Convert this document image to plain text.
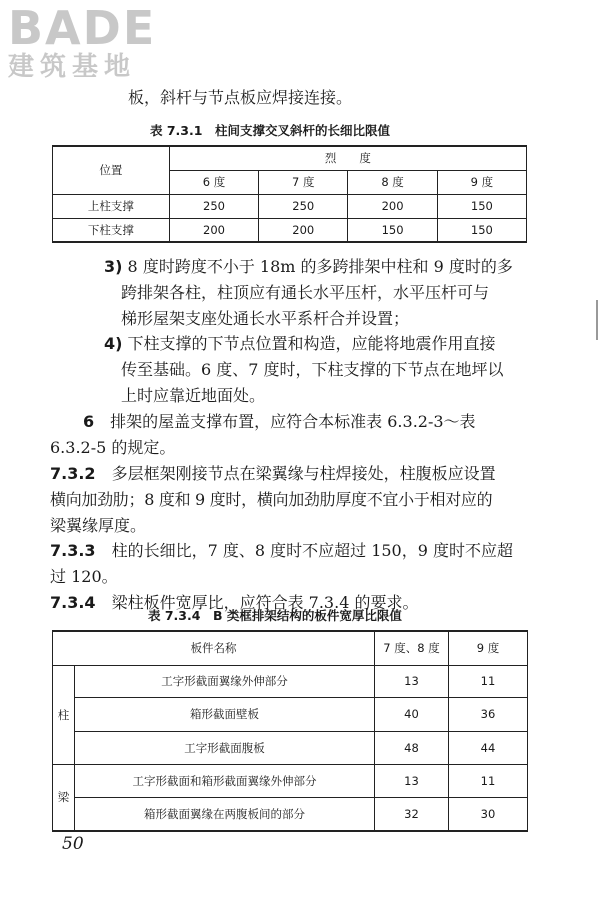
BADE
建筑基地
板，斜杆与节点板应焊接连接。
表 7.3.1　柱间支撑交叉斜杆的长细比限值
位置	烈　　度			
	6 度	7 度	8 度	9 度
上柱支撑	250	250	200	150
下柱支撑	200	200	150	150
3) 8 度时跨度不小于 18m 的多跨排架中柱和 9 度时的多
跨排架各柱，柱顶应有通长水平压杆，水平压杆可与
梯形屋架支座处通长水平系杆合并设置；
4) 下柱支撑的下节点位置和构造，应能将地震作用直接
传至基础。6 度、7 度时，下柱支撑的下节点在地坪以
上时应靠近地面处。
6　 排架的屋盖支撑布置，应符合本标准表 6.3.2-3～表
6.3.2-5 的规定。
7.3.2　 多层框架刚接节点在梁翼缘与柱焊接处，柱腹板应设置
横向加劲肋；8 度和 9 度时，横向加劲肋厚度不宜小于相对应的
梁翼缘厚度。
7.3.3　 柱的长细比，7 度、8 度时不应超过 150，9 度时不应超
过 120。
7.3.4　 梁柱板件宽厚比，应符合表 7.3.4 的要求。
表 7.3.4　B 类框排架结构的板件宽厚比限值
板件名称		7 度、8 度	9 度
柱	工字形截面翼缘外伸部分	13	11
	箱形截面壁板	40	36
	工字形截面腹板	48	44
梁	工字形截面和箱形截面翼缘外伸部分	13	11
	箱形截面翼缘在两腹板间的部分	32	30
50
